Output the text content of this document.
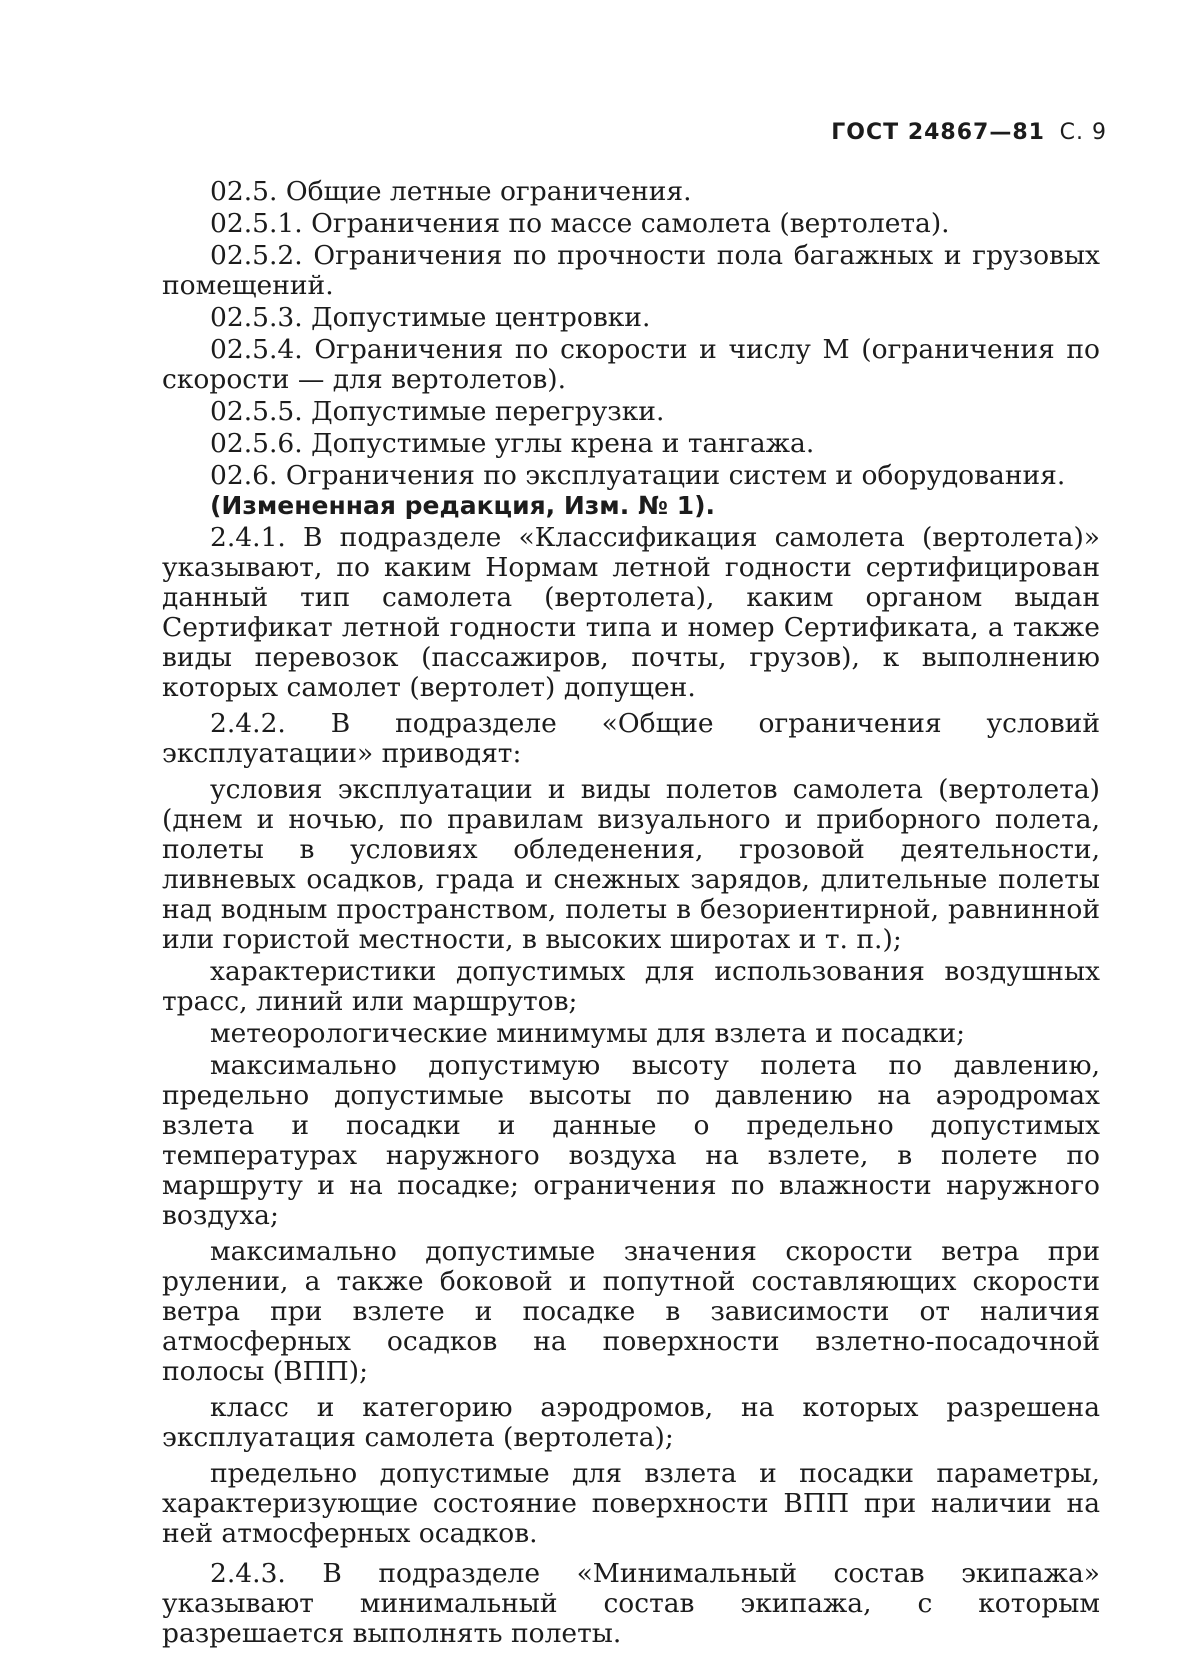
ГОСТ 24867—81 С. 9

02.5. Общие летные ограничения.

02.5.1. Ограничения по массе самолета (вертолета).

02.5.2. Ограничения по прочности пола багажных и грузовых помещений.

02.5.3. Допустимые центровки.

02.5.4. Ограничения по скорости и числу М (ограничения по скорости — для вертолетов).

02.5.5. Допустимые перегрузки.

02.5.6. Допустимые углы крена и тангажа.

02.6. Ограничения по эксплуатации систем и оборудования.

(Измененная редакция, Изм. № 1).

2.4.1. В подразделе «Классификация самолета (вертолета)» указывают, по каким Нормам летной годности сертифицирован данный тип самолета (вертолета), каким органом выдан Сертификат летной годности типа и номер Сертификата, а также виды перевозок (пассажиров, почты, грузов), к выполнению которых самолет (вертолет) допущен.

2.4.2. В подразделе «Общие ограничения условий эксплуатации» приводят:

условия эксплуатации и виды полетов самолета (вертолета) (днем и ночью, по правилам визуального и приборного полета, полеты в условиях обледенения, грозовой деятельности, ливневых осадков, града и снежных зарядов, длительные полеты над водным пространством, полеты в безориентирной, равнинной или гористой местности, в высоких широтах и т. п.);

характеристики допустимых для использования воздушных трасс, линий или маршрутов;

метеорологические минимумы для взлета и посадки;

максимально допустимую высоту полета по давлению, предельно допустимые высоты по давлению на аэродромах взлета и посадки и данные о предельно допустимых температурах наружного воздуха на взлете, в полете по маршруту и на посадке; ограничения по влажности наружного воздуха;

максимально допустимые значения скорости ветра при рулении, а также боковой и попутной составляющих скорости ветра при взлете и посадке в зависимости от наличия атмосферных осадков на поверхности взлетно-посадочной полосы (ВПП);

класс и категорию аэродромов, на которых разрешена эксплуатация самолета (вертолета);

предельно допустимые для взлета и посадки параметры, характеризующие состояние поверхности ВПП при наличии на ней атмосферных осадков.

2.4.3. В подразделе «Минимальный состав экипажа» указывают минимальный состав экипажа, с которым разрешается выполнять полеты.
